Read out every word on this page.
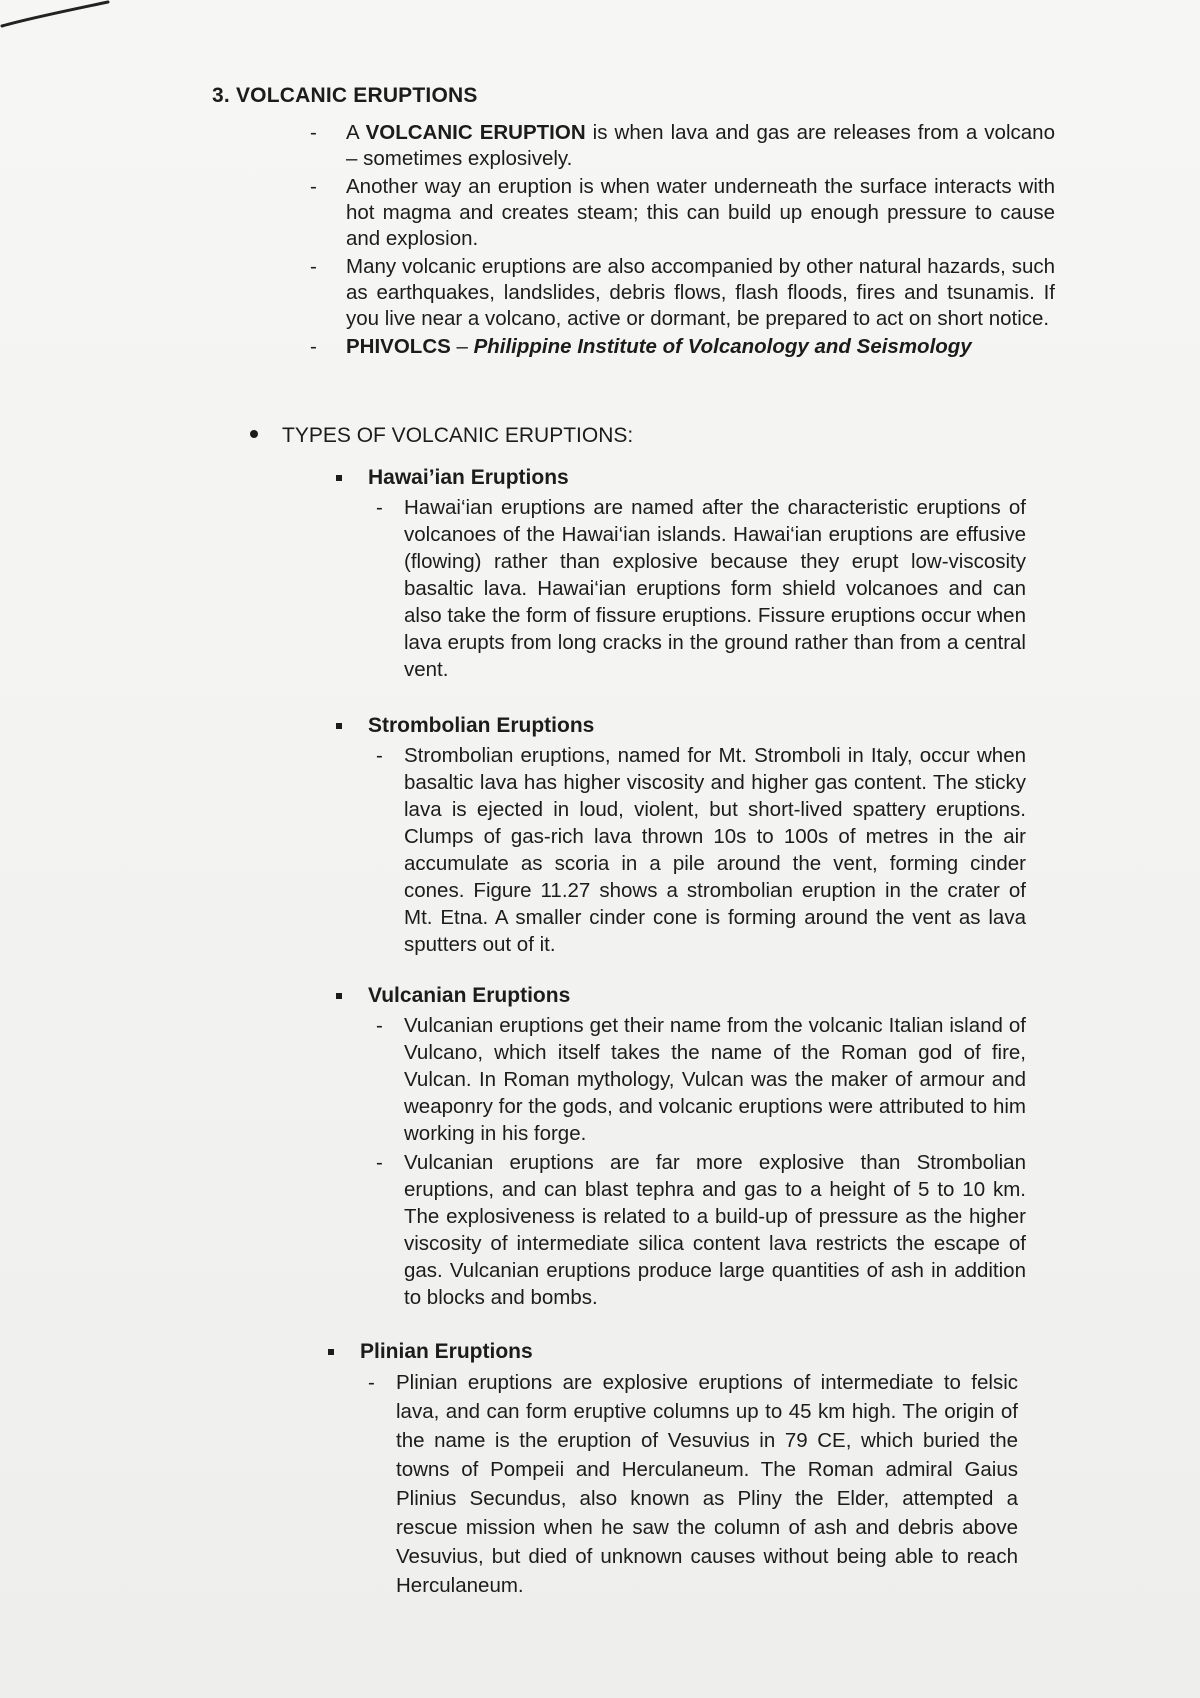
3. VOLCANIC ERUPTIONS
- A VOLCANIC ERUPTION is when lava and gas are releases from a volcano – sometimes explosively.
- Another way an eruption is when water underneath the surface interacts with hot magma and creates steam; this can build up enough pressure to cause and explosion.
- Many volcanic eruptions are also accompanied by other natural hazards, such as earthquakes, landslides, debris flows, flash floods, fires and tsunamis. If you live near a volcano, active or dormant, be prepared to act on short notice.
- PHIVOLCS – Philippine Institute of Volcanology and Seismology
TYPES OF VOLCANIC ERUPTIONS:
Hawai’ian Eruptions
- Hawai‘ian eruptions are named after the characteristic eruptions of volcanoes of the Hawai‘ian islands. Hawai‘ian eruptions are effusive (flowing) rather than explosive because they erupt low-viscosity basaltic lava. Hawai‘ian eruptions form shield volcanoes and can also take the form of fissure eruptions. Fissure eruptions occur when lava erupts from long cracks in the ground rather than from a central vent.
Strombolian Eruptions
- Strombolian eruptions, named for Mt. Stromboli in Italy, occur when basaltic lava has higher viscosity and higher gas content. The sticky lava is ejected in loud, violent, but short-lived spattery eruptions. Clumps of gas-rich lava thrown 10s to 100s of metres in the air accumulate as scoria in a pile around the vent, forming cinder cones. Figure 11.27 shows a strombolian eruption in the crater of Mt. Etna. A smaller cinder cone is forming around the vent as lava sputters out of it.
Vulcanian Eruptions
- Vulcanian eruptions get their name from the volcanic Italian island of Vulcano, which itself takes the name of the Roman god of fire, Vulcan. In Roman mythology, Vulcan was the maker of armour and weaponry for the gods, and volcanic eruptions were attributed to him working in his forge.
- Vulcanian eruptions are far more explosive than Strombolian eruptions, and can blast tephra and gas to a height of 5 to 10 km. The explosiveness is related to a build-up of pressure as the higher viscosity of intermediate silica content lava restricts the escape of gas. Vulcanian eruptions produce large quantities of ash in addition to blocks and bombs.
Plinian Eruptions
- Plinian eruptions are explosive eruptions of intermediate to felsic lava, and can form eruptive columns up to 45 km high. The origin of the name is the eruption of Vesuvius in 79 CE, which buried the towns of Pompeii and Herculaneum. The Roman admiral Gaius Plinius Secundus, also known as Pliny the Elder, attempted a rescue mission when he saw the column of ash and debris above Vesuvius, but died of unknown causes without being able to reach Herculaneum.
